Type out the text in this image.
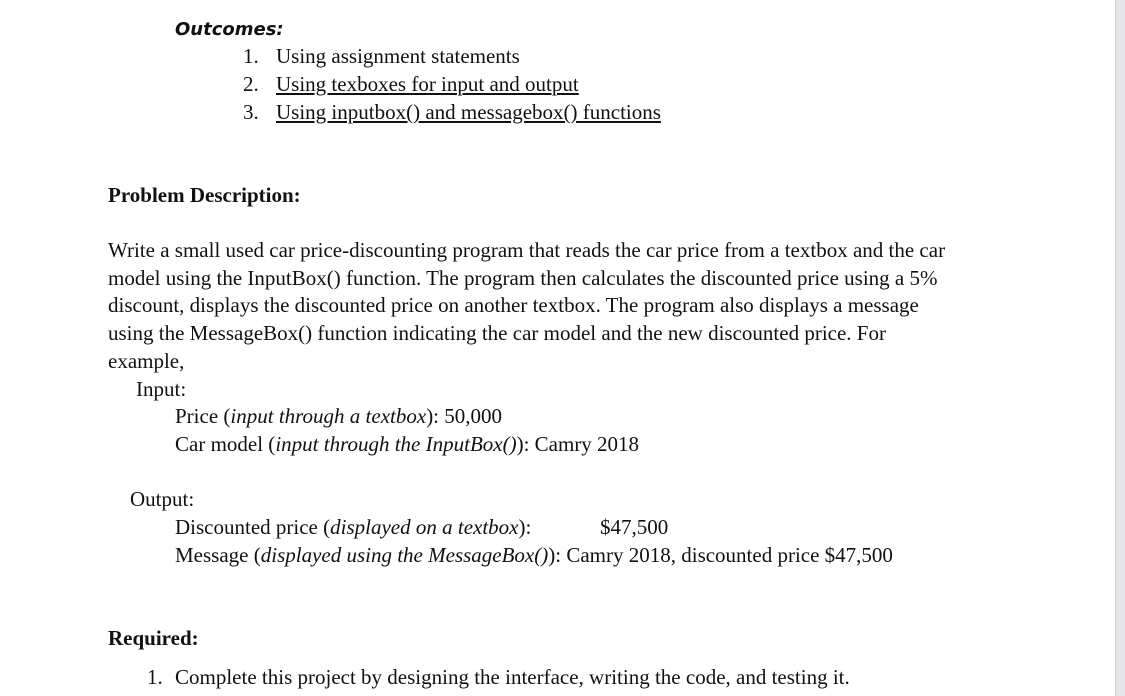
Outcomes:
1. Using assignment statements
2. Using texboxes for input and output
3. Using inputbox() and messagebox() functions
Problem Description:
Write a small used car price-discounting program that reads the car price from a textbox and the car
model using the InputBox() function. The program then calculates the discounted price using a 5%
discount, displays the discounted price on another textbox. The program also displays a message
using the MessageBox() function indicating the car model and the new discounted price. For
example,
Input:
Price (input through a textbox): 50,000
Car model (input through the InputBox()): Camry 2018
Output:
Discounted price (displayed on a textbox):	$47,500
Message (displayed using the MessageBox()): Camry 2018, discounted price $47,500
Required:
1. Complete this project by designing the interface, writing the code, and testing it.
